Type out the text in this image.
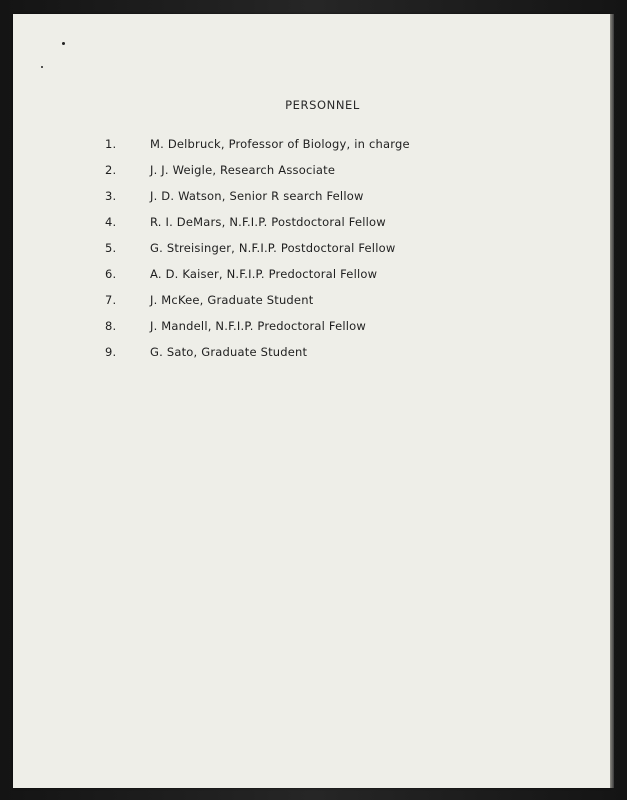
PERSONNEL
1.	M. Delbruck, Professor of Biology, in charge
2.	J. J. Weigle, Research Associate
3.	J. D. Watson, Senior R search Fellow
4.	R. I. DeMars, N.F.I.P. Postdoctoral Fellow
5.	G. Streisinger, N.F.I.P. Postdoctoral Fellow
6.	A. D. Kaiser, N.F.I.P. Predoctoral Fellow
7.	J. McKee, Graduate Student
8.	J. Mandell, N.F.I.P. Predoctoral Fellow
9.	G. Sato, Graduate Student
